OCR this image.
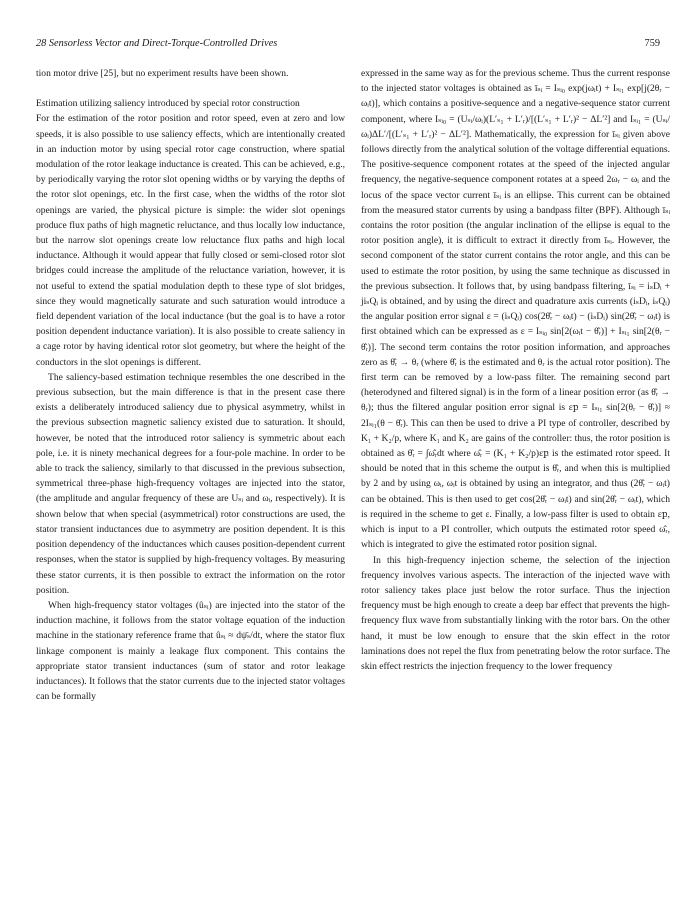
28 Sensorless Vector and Direct-Torque-Controlled Drives	759

tion motor drive [25], but no experiment results have been shown.

Estimation utilizing saliency introduced by special rotor construction

For the estimation of the rotor position and rotor speed, even at zero and low speeds, it is also possible to use saliency effects, which are intentionally created in an induction motor by using special rotor cage construction, where spatial modulation of the rotor leakage inductance is created. This can be achieved, e.g., by periodically varying the rotor slot opening widths or by varying the depths of the rotor slot openings, etc. In the first case, when the widths of the rotor slot openings are varied, the physical picture is simple: the wider slot openings produce flux paths of high magnetic reluctance, and thus locally low inductance, but the narrow slot openings create low reluctance flux paths and high local inductance. Although it would appear that fully closed or semi-closed rotor slot bridges could increase the amplitude of the reluctance variation, however, it is not useful to extend the spatial modulation depth to these type of slot bridges, since they would magnetically saturate and such saturation would introduce a field dependent variation of the local inductance (but the goal is to have a rotor position dependent inductance variation). It is also possible to create saliency in a cage rotor by having identical rotor slot geometry, but where the height of the conductors in the slot openings is different.

The saliency-based estimation technique resembles the one described in the previous subsection, but the main difference is that in the present case there exists a deliberately introduced saliency due to physical asymmetry, whilst in the previous subsection magnetic saliency existed due to saturation. It should, however, be noted that the introduced rotor saliency is symmetric about each pole, i.e. it is ninety mechanical degrees for a four-pole machine. In order to be able to track the saliency, similarly to that discussed in the previous subsection, symmetrical three-phase high-frequency voltages are injected into the stator, (the amplitude and angular frequency of these are Uₛᵢ and ωᵢ, respectively). It is shown below that when special (asymmetrical) rotor constructions are used, the stator transient inductances due to asymmetry are position dependent. It is this position dependency of the inductances which causes position-dependent current responses, when the stator is supplied by high-frequency voltages. By measuring these stator currents, it is then possible to extract the information on the rotor position.

When high-frequency stator voltages (ûₛᵢ) are injected into the stator of the induction machine, it follows from the stator voltage equation of the induction machine in the stationary reference frame that ûₛᵢ ≈ dψ̄ₛ/dt, where the stator flux linkage component is mainly a leakage flux component. This contains the appropriate stator transient inductances (sum of stator and rotor leakage inductances). It follows that the stator currents due to the injected stator voltages can be formally

expressed in the same way as for the previous scheme. Thus the current response to the injected stator voltages is obtained as īₛᵢ = Iₛᵢ₀ exp(jωᵢt) + Iₛᵢ₁ exp[j(2θᵣ − ωᵢt)], which contains a positive-sequence and a negative-sequence stator current component, where Iₛᵢ₀ = (Uₛᵢ/ωᵢ)(L′ₛ₁ + L′ᵣ)/[(L′ₛ₁ + L′ᵣ)² − ΔL′²] and Iₛᵢ₁ = (Uₛᵢ/ωᵢ)ΔL′/[(L′ₛ₁ + L′ᵣ)² − ΔL′²]. Mathematically, the expression for īₛᵢ given above follows directly from the analytical solution of the voltage differential equations. The positive-sequence component rotates at the speed of the injected angular frequency, the negative-sequence component rotates at a speed 2ωᵣ − ωᵢ and the locus of the space vector current īₛᵢ is an ellipse. This current can be obtained from the measured stator currents by using a bandpass filter (BPF). Although īₛᵢ contains the rotor position (the angular inclination of the ellipse is equal to the rotor position angle), it is difficult to extract it directly from īₛᵢ. However, the second component of the stator current contains the rotor angle, and this can be used to estimate the rotor position, by using the same technique as discussed in the previous subsection. It follows that, by using bandpass filtering, īₛᵢ = iₛDᵢ + jiₛQᵢ is obtained, and by using the direct and quadrature axis currents (iₛDᵢ, iₛQᵢ) the angular position error signal ε = (iₛQᵢ) cos(2θ̂ᵣ − ωᵢt) − (iₛDᵢ) sin(2θ̂ᵣ − ωᵢt) is first obtained which can be expressed as ε = Iₛᵢ₀ sin[2(ωᵢt − θ̂ᵣ)] + Iₛᵢ₁ sin[2(θᵣ − θ̂ᵣ)]. The second term contains the rotor position information, and approaches zero as θ̂ᵣ → θᵣ (where θ̂ᵣ is the estimated and θᵣ is the actual rotor position). The first term can be removed by a low-pass filter. The remaining second part (heterodyned and filtered signal) is in the form of a linear position error (as θ̂ᵣ → θᵣ); thus the filtered angular position error signal is εբ = Iₛᵢ₁ sin[2(θᵣ − θ̂ᵣ)] ≈ 2Iₛᵢ₁(θ − θ̂ᵣ). This can then be used to drive a PI type of controller, described by K₁ + K₂/p, where K₁ and K₂ are gains of the controller: thus, the rotor position is obtained as θ̂ᵣ = ∫ω̂ᵣdt where ω̂ᵣ = (K₁ + K₂/p)εբ is the estimated rotor speed. It should be noted that in this scheme the output is θ̂ᵣ, and when this is multiplied by 2 and by using ωᵢ, ωᵢt is obtained by using an integrator, and thus (2θ̂ᵣ − ωᵢt) can be obtained. This is then used to get cos(2θ̂ᵣ − ωᵢt) and sin(2θ̂ᵣ − ωᵢt), which is required in the scheme to get ε. Finally, a low-pass filter is used to obtain εբ, which is input to a PI controller, which outputs the estimated rotor speed ω̂ᵣ, which is integrated to give the estimated rotor position signal.

In this high-frequency injection scheme, the selection of the injection frequency involves various aspects. The interaction of the injected wave with rotor saliency takes place just below the rotor surface. Thus the injection frequency must be high enough to create a deep bar effect that prevents the high-frequency flux wave from substantially linking with the rotor bars. On the other hand, it must be low enough to ensure that the skin effect in the rotor laminations does not repel the flux from penetrating below the rotor surface. The skin effect restricts the injection frequency to the lower frequency
